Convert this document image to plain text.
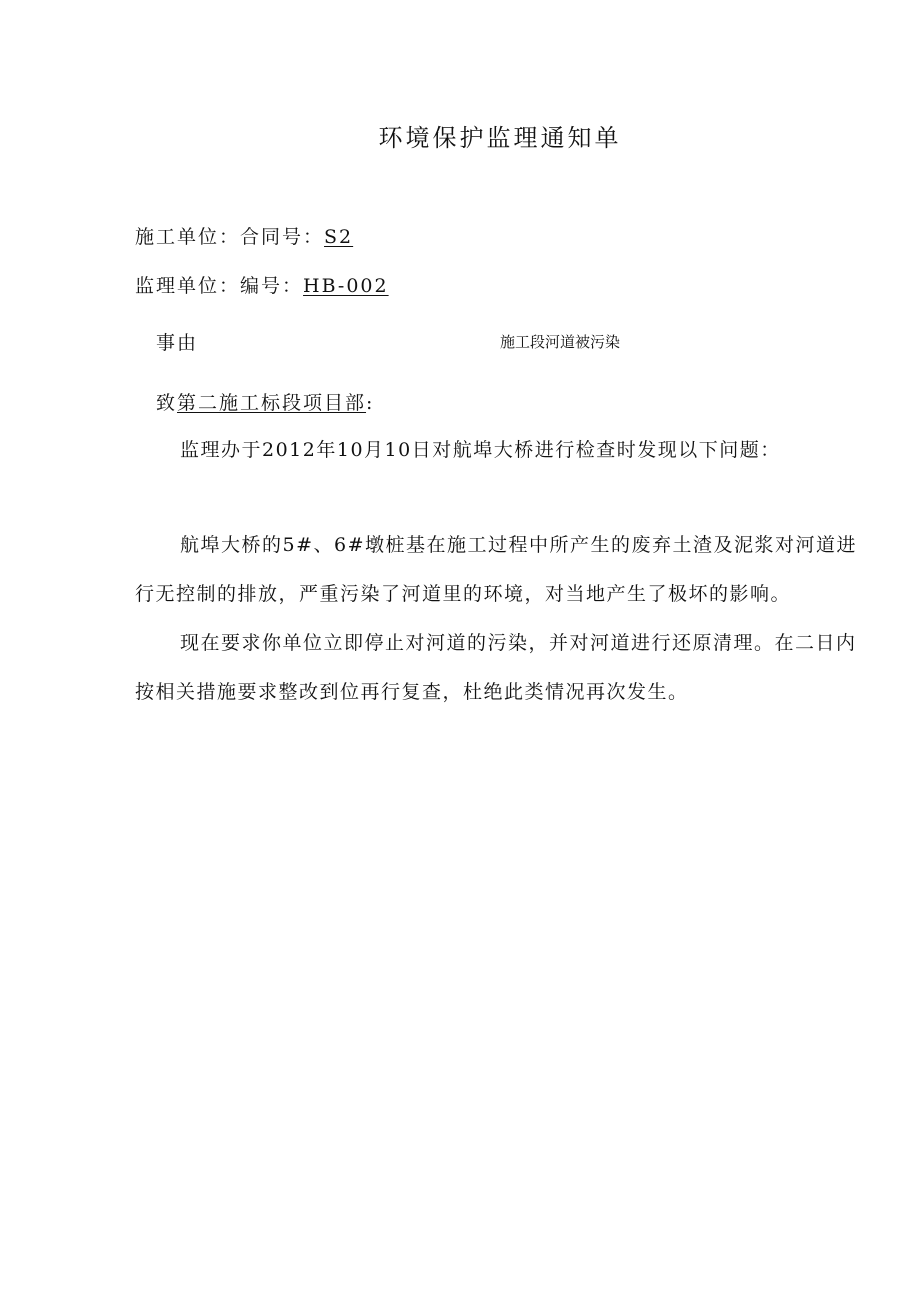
环境保护监理通知单
施工单位：合同号：S2
监理单位：编号：HB-002
事由	施工段河道被污染
致第二施工标段项目部:
监理办于2012年10月10日对航埠大桥进行检查时发现以下问题：
航埠大桥的5#、6#墩桩基在施工过程中所产生的废弃土渣及泥浆对河道进行无控制的排放，严重污染了河道里的环境，对当地产生了极坏的影响。
现在要求你单位立即停止对河道的污染，并对河道进行还原清理。在二日内按相关措施要求整改到位再行复查，杜绝此类情况再次发生。
